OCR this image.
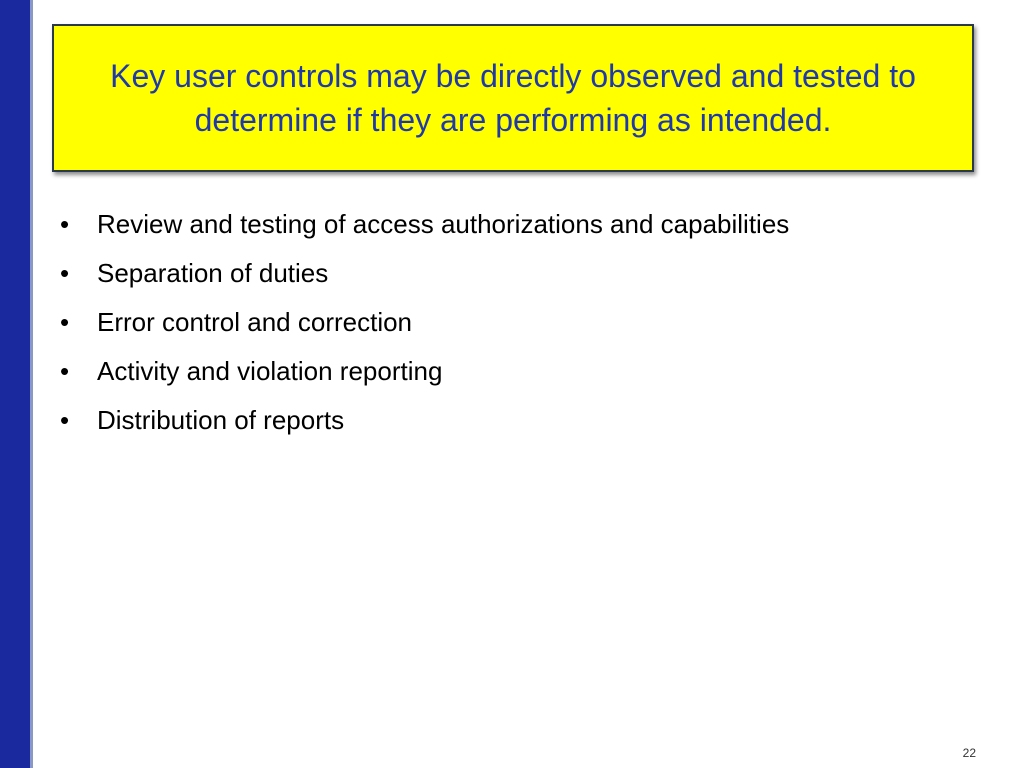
Key user controls may be directly observed and tested to determine if they are performing as intended.
• Review and testing of access authorizations and capabilities
• Separation of duties
• Error control and correction
• Activity and violation reporting
• Distribution of reports
22
